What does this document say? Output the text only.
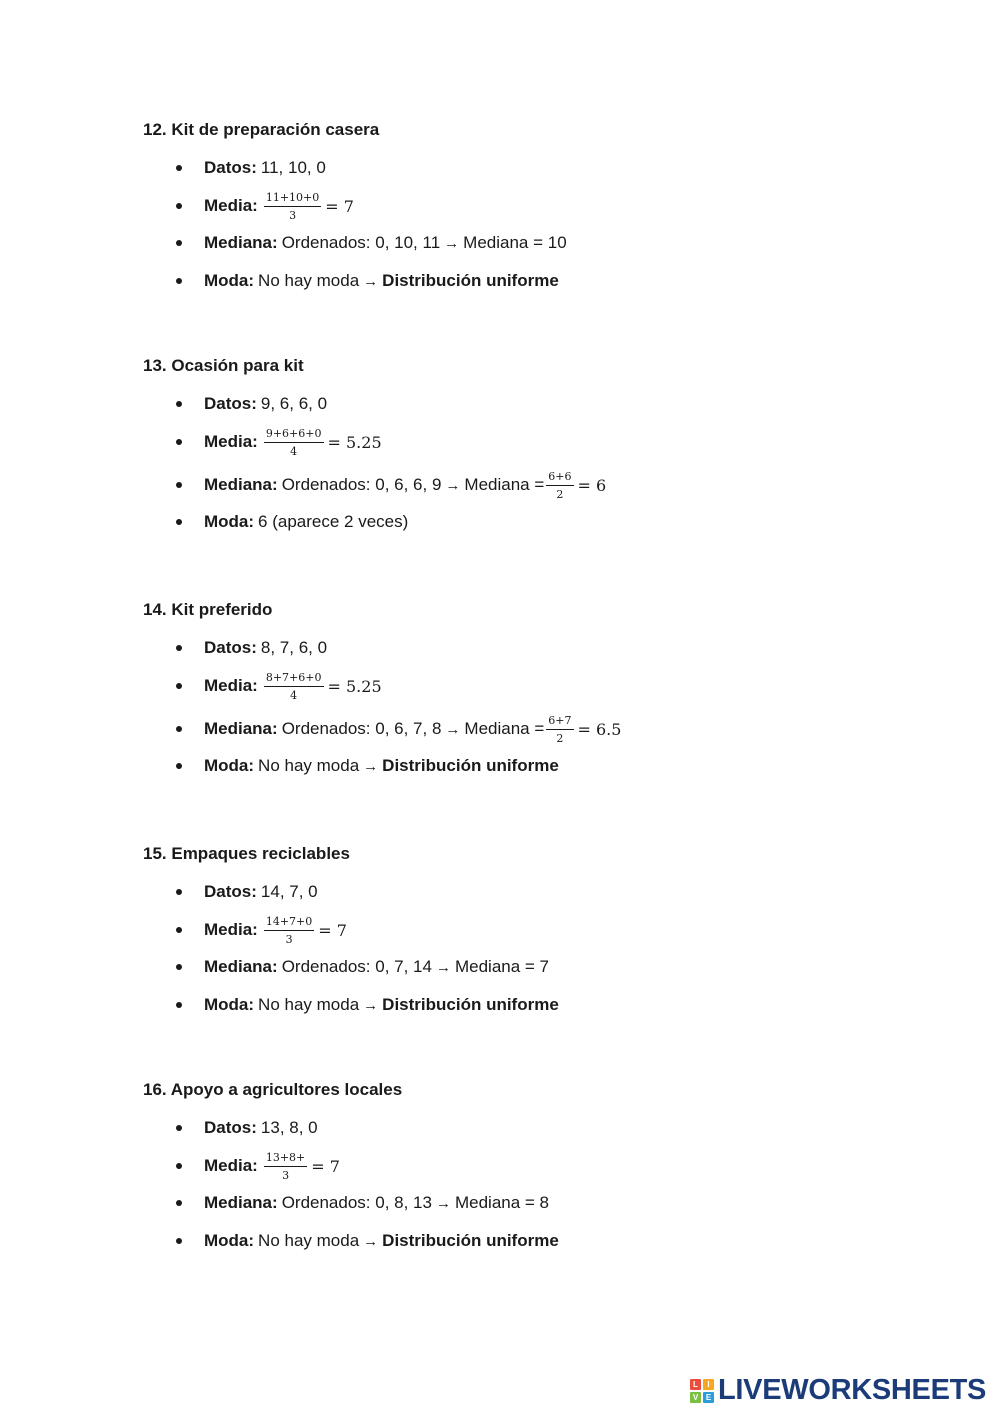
12. Kit de preparación casera
Datos: 11, 10, 0
Media: $\frac{11+10+0}{3} = 7$
Mediana: Ordenados: 0, 10, 11 → Mediana = 10
Moda: No hay moda → Distribución uniforme
13. Ocasión para kit
Datos: 9, 6, 6, 0
Media: $\frac{9+6+6+0}{4} = 5.25$
Mediana: Ordenados: 0, 6, 6, 9 → Mediana = $\frac{6+6}{2} = 6$
Moda: 6 (aparece 2 veces)
14. Kit preferido
Datos: 8, 7, 6, 0
Media: $\frac{8+7+6+0}{4} = 5.25$
Mediana: Ordenados: 0, 6, 7, 8 → Mediana = $\frac{6+7}{2} = 6.5$
Moda: No hay moda → Distribución uniforme
15. Empaques reciclables
Datos: 14, 7, 0
Media: $\frac{14+7+0}{3} = 7$
Mediana: Ordenados: 0, 7, 14 → Mediana = 7
Moda: No hay moda → Distribución uniforme
16. Apoyo a agricultores locales
Datos: 13, 8, 0
Media: $\frac{13+8+}{3} = 7$
Mediana: Ordenados: 0, 8, 13 → Mediana = 8
Moda: No hay moda → Distribución uniforme
L	I
V E LIVEWORKSHEETS
